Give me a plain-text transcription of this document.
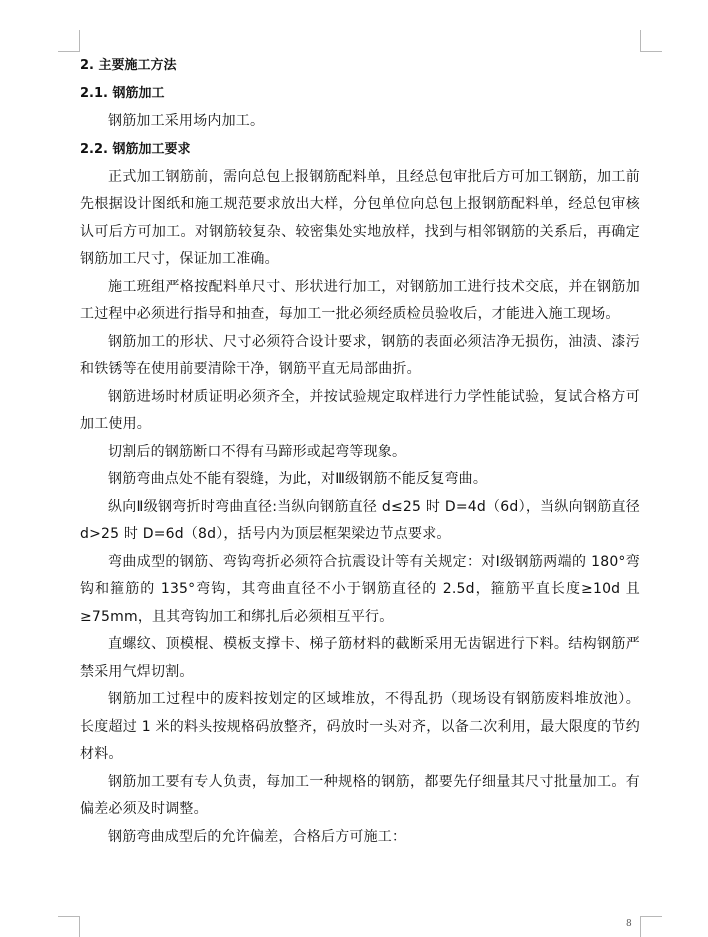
2. 主要施工方法
2.1. 钢筋加工

钢筋加工采用场内加工。

2.2. 钢筋加工要求

正式加工钢筋前，需向总包上报钢筋配料单，且经总包审批后方可加工钢筋，加工前先根据设计图纸和施工规范要求放出大样，分包单位向总包上报钢筋配料单，经总包审核认可后方可加工。对钢筋较复杂、较密集处实地放样，找到与相邻钢筋的关系后，再确定钢筋加工尺寸，保证加工准确。

施工班组严格按配料单尺寸、形状进行加工，对钢筋加工进行技术交底，并在钢筋加工过程中必须进行指导和抽查，每加工一批必须经质检员验收后，才能进入施工现场。

钢筋加工的形状、尺寸必须符合设计要求，钢筋的表面必须洁净无损伤，油渍、漆污和铁锈等在使用前要清除干净，钢筋平直无局部曲折。

钢筋进场时材质证明必须齐全，并按试验规定取样进行力学性能试验，复试合格方可加工使用。

切割后的钢筋断口不得有马蹄形或起弯等现象。

钢筋弯曲点处不能有裂缝，为此，对Ⅲ级钢筋不能反复弯曲。

纵向Ⅱ级钢弯折时弯曲直径:当纵向钢筋直径 d≤25 时 D=4d（6d），当纵向钢筋直径 d>25 时 D=6d（8d），括号内为顶层框架梁边节点要求。

弯曲成型的钢筋、弯钩弯折必须符合抗震设计等有关规定：对Ⅰ级钢筋两端的 180°弯钩和箍筋的 135°弯钩，其弯曲直径不小于钢筋直径的 2.5d，箍筋平直长度≥10d 且≥75mm，且其弯钩加工和绑扎后必须相互平行。

直螺纹、顶模棍、模板支撑卡、梯子筋材料的截断采用无齿锯进行下料。结构钢筋严禁采用气焊切割。

钢筋加工过程中的废料按划定的区域堆放，不得乱扔（现场设有钢筋废料堆放池）。长度超过 1 米的料头按规格码放整齐，码放时一头对齐，以备二次利用，最大限度的节约材料。

钢筋加工要有专人负责，每加工一种规格的钢筋，都要先仔细量其尺寸批量加工。有偏差必须及时调整。

钢筋弯曲成型后的允许偏差，合格后方可施工：

8
